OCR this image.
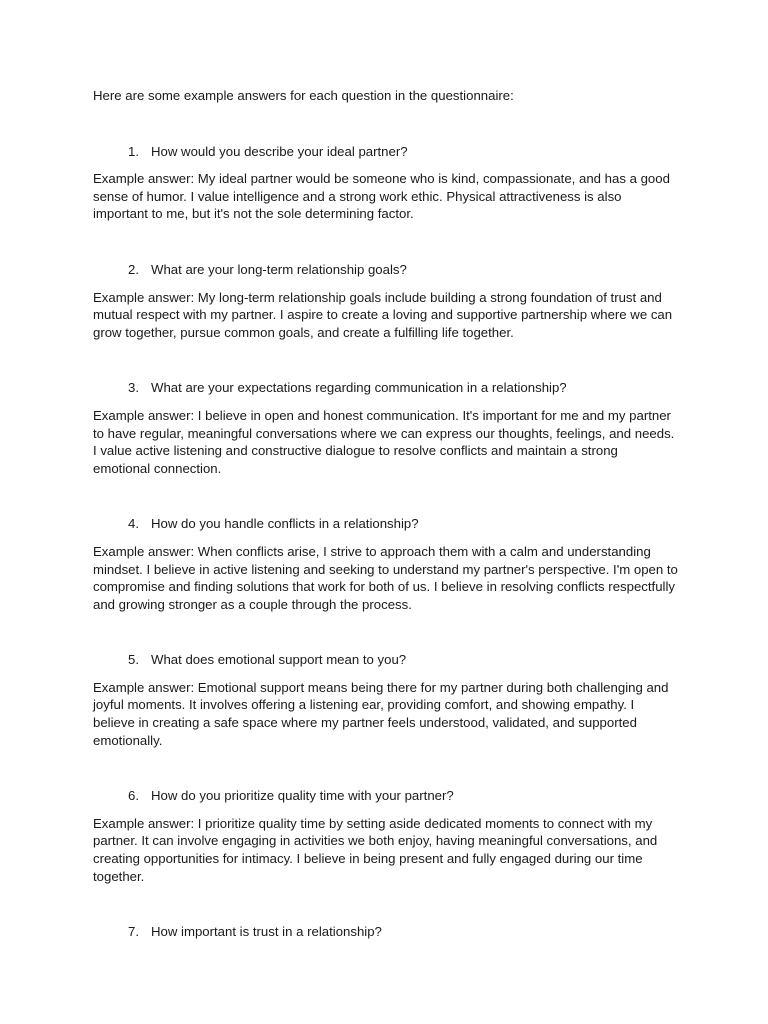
Here are some example answers for each question in the questionnaire:

1. How would you describe your ideal partner?

Example answer: My ideal partner would be someone who is kind, compassionate, and has a good sense of humor. I value intelligence and a strong work ethic. Physical attractiveness is also important to me, but it's not the sole determining factor.

2. What are your long-term relationship goals?

Example answer: My long-term relationship goals include building a strong foundation of trust and mutual respect with my partner. I aspire to create a loving and supportive partnership where we can grow together, pursue common goals, and create a fulfilling life together.

3. What are your expectations regarding communication in a relationship?

Example answer: I believe in open and honest communication. It's important for me and my partner to have regular, meaningful conversations where we can express our thoughts, feelings, and needs. I value active listening and constructive dialogue to resolve conflicts and maintain a strong emotional connection.

4. How do you handle conflicts in a relationship?

Example answer: When conflicts arise, I strive to approach them with a calm and understanding mindset. I believe in active listening and seeking to understand my partner's perspective. I'm open to compromise and finding solutions that work for both of us. I believe in resolving conflicts respectfully and growing stronger as a couple through the process.

5. What does emotional support mean to you?

Example answer: Emotional support means being there for my partner during both challenging and joyful moments. It involves offering a listening ear, providing comfort, and showing empathy. I believe in creating a safe space where my partner feels understood, validated, and supported emotionally.

6. How do you prioritize quality time with your partner?

Example answer: I prioritize quality time by setting aside dedicated moments to connect with my partner. It can involve engaging in activities we both enjoy, having meaningful conversations, and creating opportunities for intimacy. I believe in being present and fully engaged during our time together.

7. How important is trust in a relationship?
